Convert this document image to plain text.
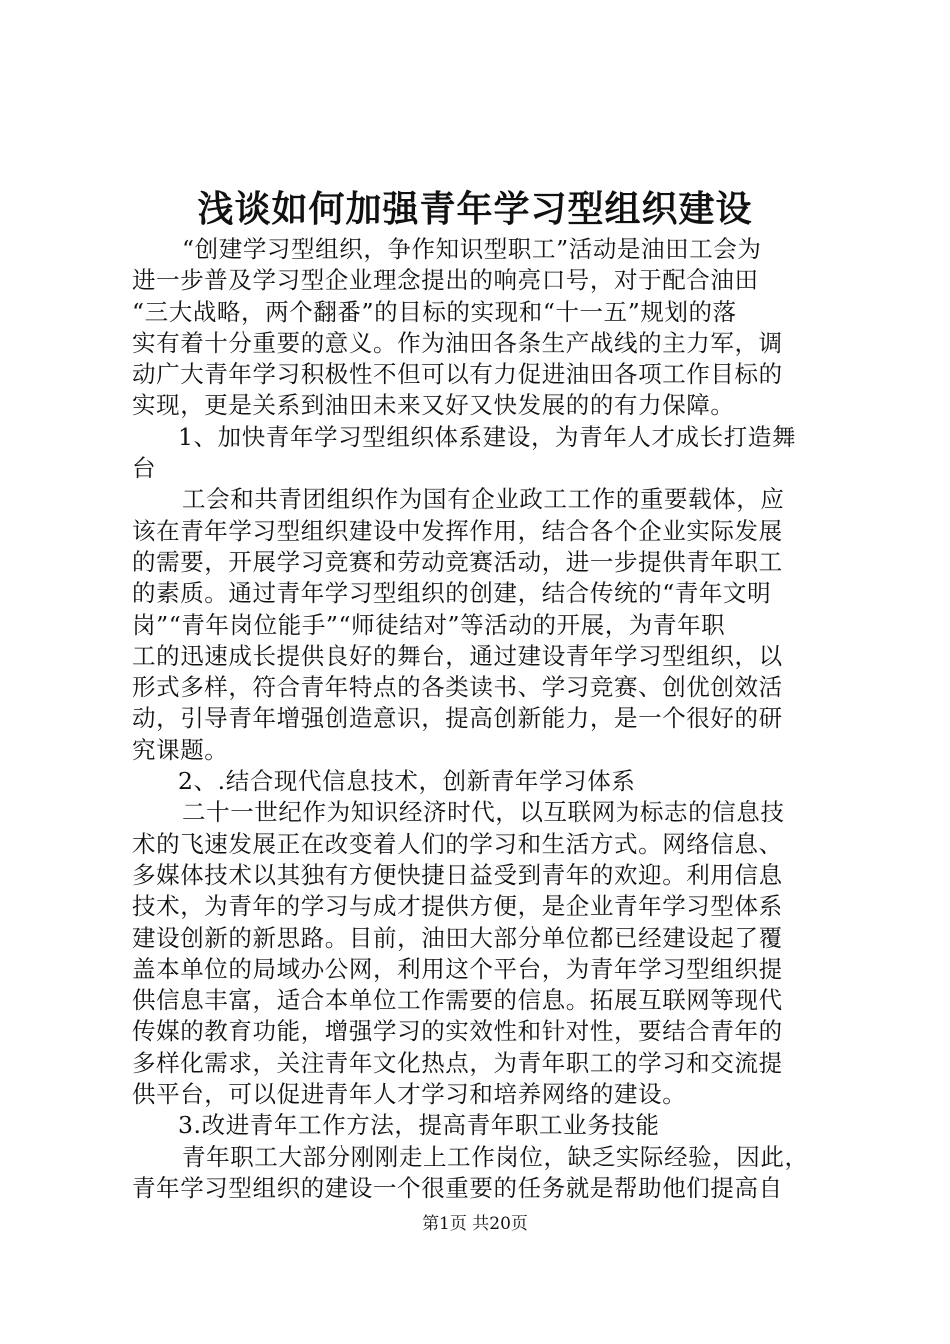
浅谈如何加强青年学习型组织建设
“创建学习型组织，争作知识型职工”活动是油田工会为
进一步普及学习型企业理念提出的响亮口号，对于配合油田
“三大战略，两个翻番”的目标的实现和“十一五”规划的落
实有着十分重要的意义。作为油田各条生产战线的主力军，调
动广大青年学习积极性不但可以有力促进油田各项工作目标的
实现，更是关系到油田未来又好又快发展的的有力保障。
1、加快青年学习型组织体系建设，为青年人才成长打造舞
台
工会和共青团组织作为国有企业政工工作的重要载体，应
该在青年学习型组织建设中发挥作用，结合各个企业实际发展
的需要，开展学习竞赛和劳动竞赛活动，进一步提供青年职工
的素质。通过青年学习型组织的创建，结合传统的“青年文明
岗”“青年岗位能手”“师徒结对”等活动的开展，为青年职
工的迅速成长提供良好的舞台，通过建设青年学习型组织，以
形式多样，符合青年特点的各类读书、学习竞赛、创优创效活
动，引导青年增强创造意识，提高创新能力，是一个很好的研
究课题。
2、.结合现代信息技术，创新青年学习体系
二十一世纪作为知识经济时代，以互联网为标志的信息技
术的飞速发展正在改变着人们的学习和生活方式。网络信息、
多媒体技术以其独有方便快捷日益受到青年的欢迎。利用信息
技术，为青年的学习与成才提供方便，是企业青年学习型体系
建设创新的新思路。目前，油田大部分单位都已经建设起了覆
盖本单位的局域办公网，利用这个平台，为青年学习型组织提
供信息丰富，适合本单位工作需要的信息。拓展互联网等现代
传媒的教育功能，增强学习的实效性和针对性，要结合青年的
多样化需求，关注青年文化热点，为青年职工的学习和交流提
供平台，可以促进青年人才学习和培养网络的建设。
3.改进青年工作方法，提高青年职工业务技能
青年职工大部分刚刚走上工作岗位，缺乏实际经验，因此，
青年学习型组织的建设一个很重要的任务就是帮助他们提高自
第1页 共20页
